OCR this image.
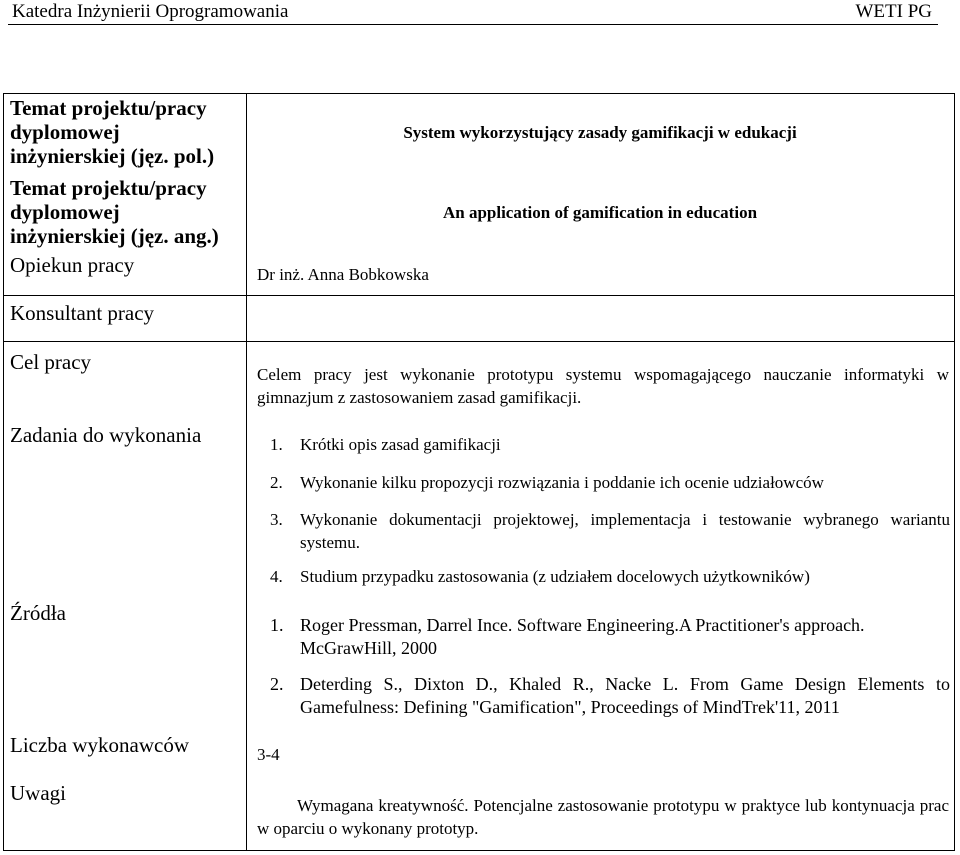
Katedra Inżynierii Oprogramowania	WETI PG
Temat projektu/pracy dyplomowej inżynierskiej (jęz. pol.)
Temat projektu/pracy dyplomowej inżynierskiej (jęz. ang.)
Opiekun pracy
Konsultant pracy
Cel pracy
Zadania do wykonania
Źródła
Liczba wykonawców
Uwagi
System wykorzystujący zasady gamifikacji w edukacji
An application of gamification in education
Dr inż. Anna Bobkowska
Celem pracy jest wykonanie prototypu systemu wspomagającego nauczanie informatyki w gimnazjum z zastosowaniem zasad gamifikacji.
1. Krótki opis zasad gamifikacji
2. Wykonanie kilku propozycji rozwiązania i poddanie ich ocenie udziałowców
3. Wykonanie dokumentacji projektowej, implementacja i testowanie wybranego wariantu systemu.
4. Studium przypadku zastosowania (z udziałem docelowych użytkowników)
1. Roger Pressman, Darrel Ince. Software Engineering.A Practitioner's approach. McGrawHill, 2000
2. Deterding S., Dixton D., Khaled R., Nacke L. From Game Design Elements to Gamefulness: Defining "Gamification", Proceedings of MindTrek'11, 2011
3-4
Wymagana kreatywność. Potencjalne zastosowanie prototypu w praktyce lub kontynuacja prac w oparciu o wykonany prototyp.
